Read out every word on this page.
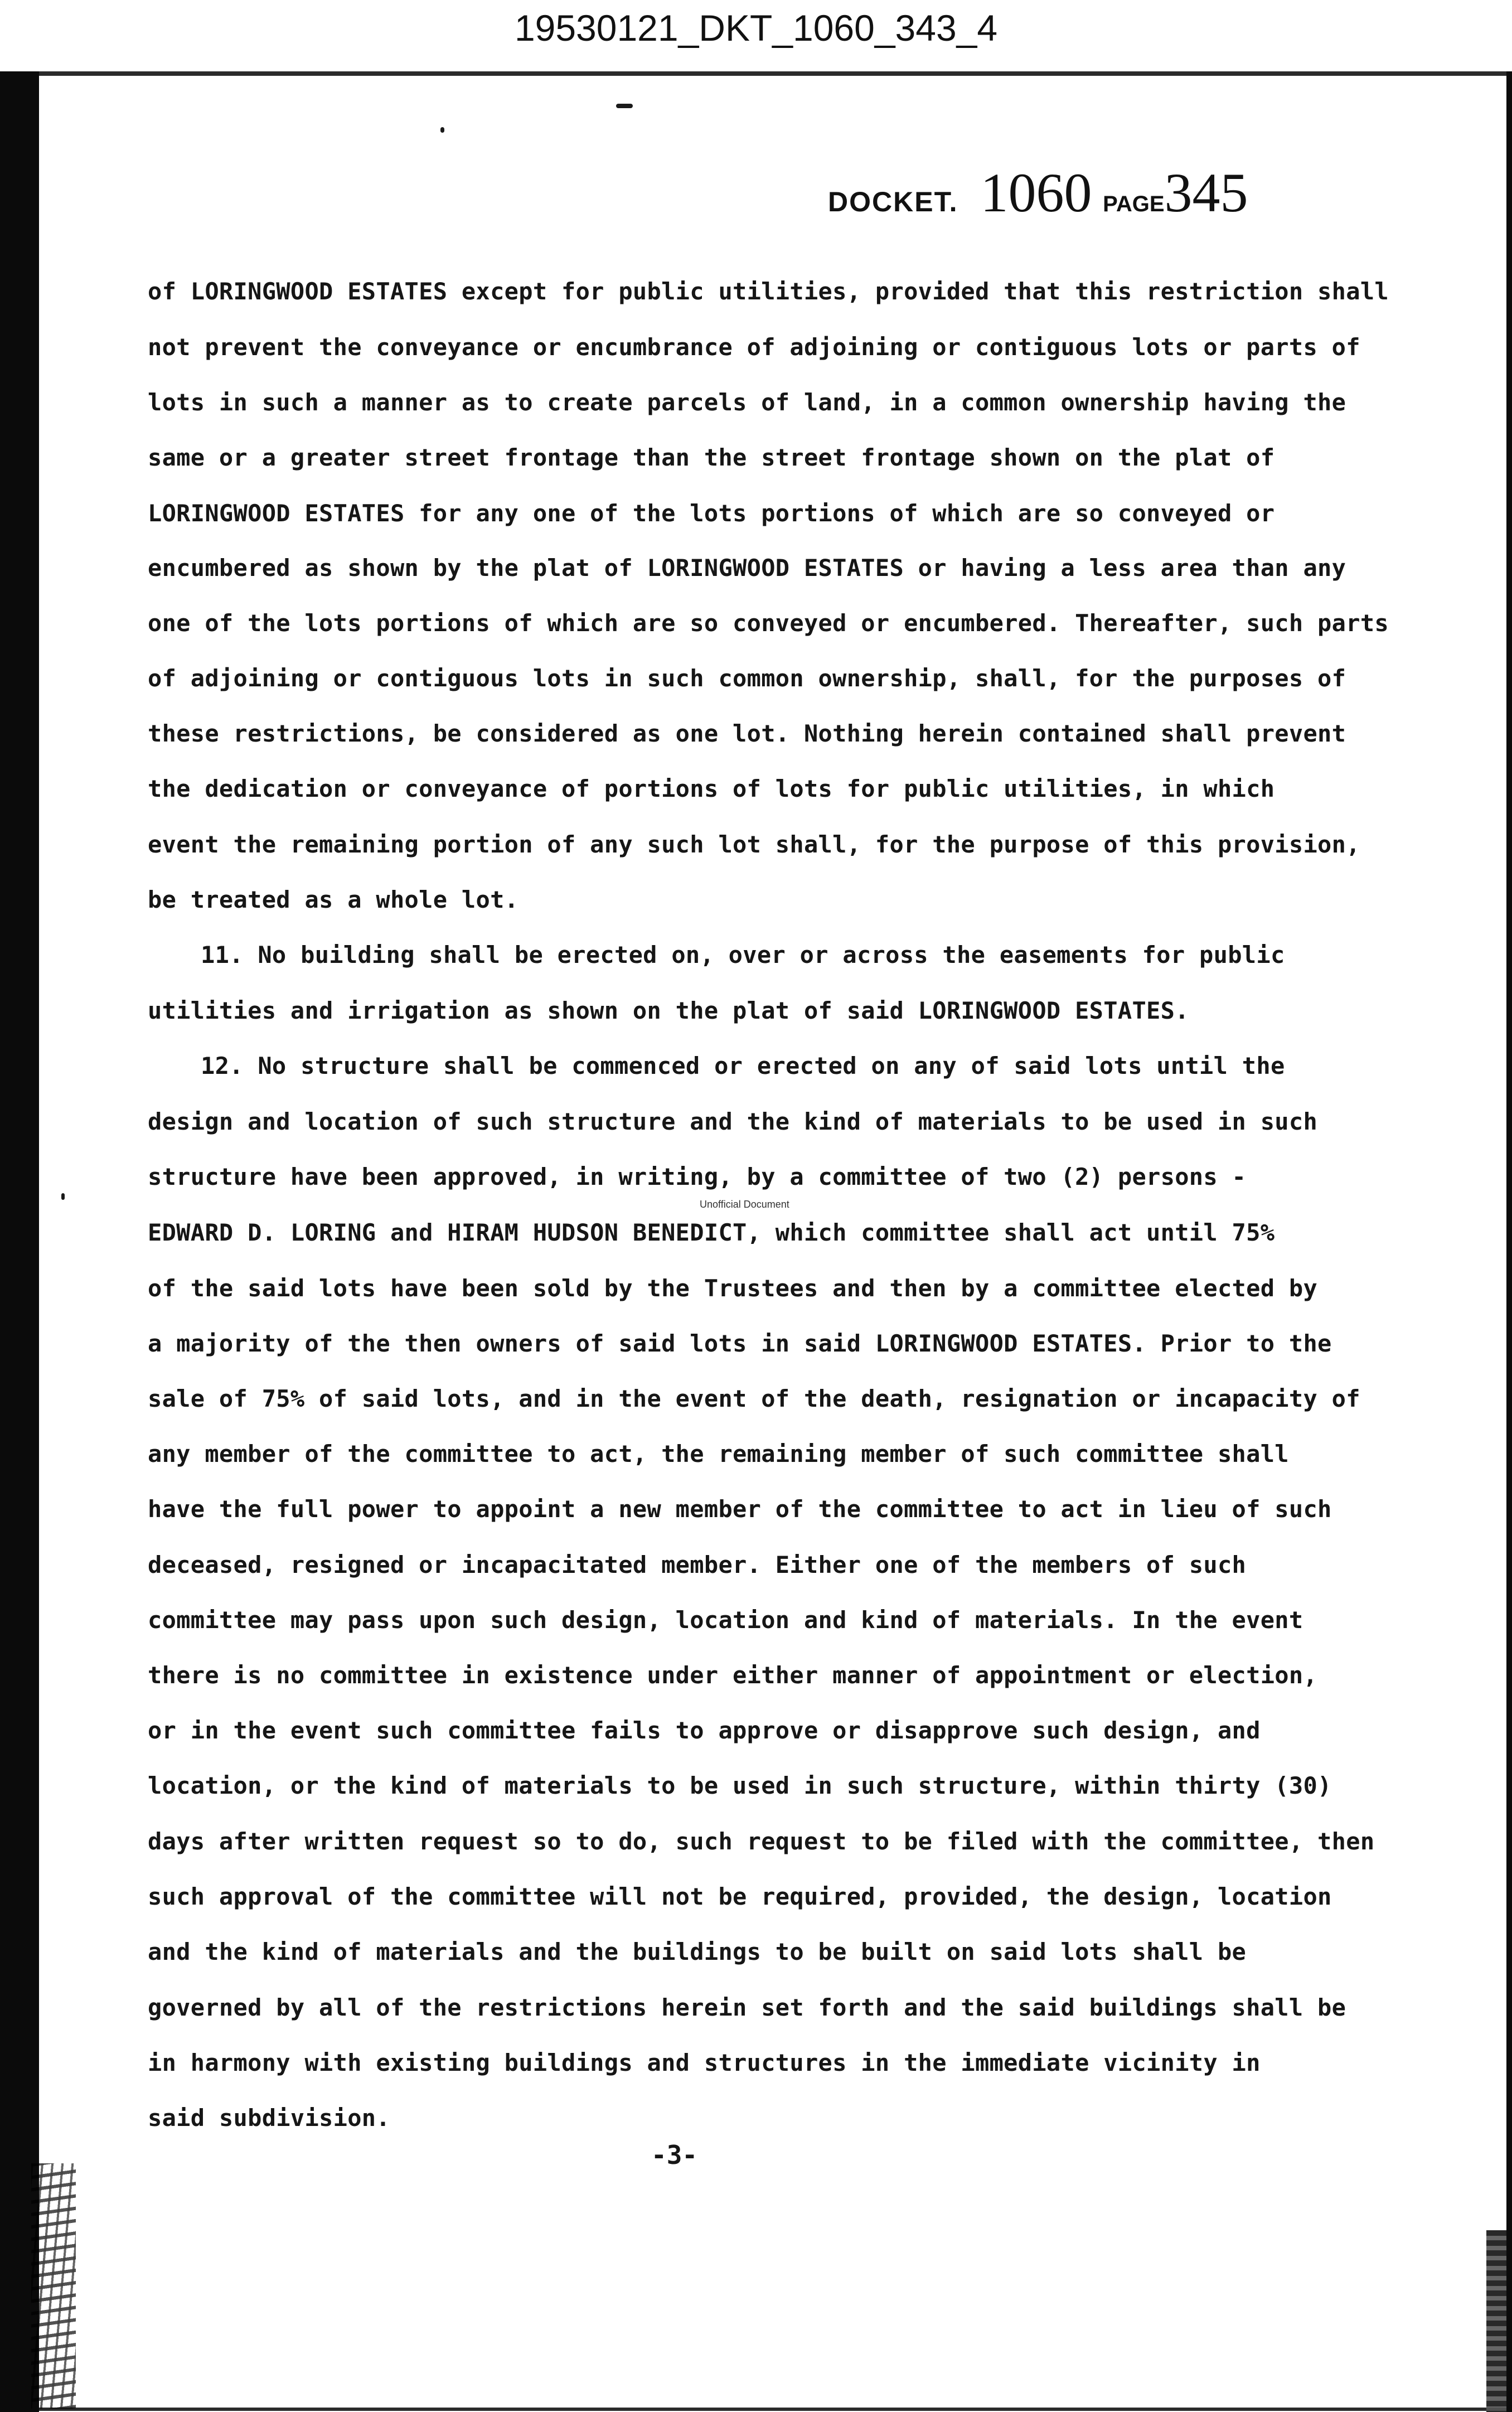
19530121_DKT_1060_343_4
DOCKET. 1060 PAGE345
of LORINGWOOD ESTATES except for public utilities, provided that this restriction shall
not prevent the conveyance or encumbrance of adjoining or contiguous lots or parts of
lots in such a manner as to create parcels of land, in a common ownership having the
same or a greater street frontage than the street frontage shown on the plat of
LORINGWOOD ESTATES for any one of the lots portions of which are so conveyed or
encumbered as shown by the plat of LORINGWOOD ESTATES or having a less area than any
one of the lots portions of which are so conveyed or encumbered. Thereafter, such parts
of adjoining or contiguous lots in such common ownership, shall, for the purposes of
these restrictions, be considered as one lot. Nothing herein contained shall prevent
the dedication or conveyance of portions of lots for public utilities, in which
event the remaining portion of any such lot shall, for the purpose of this provision,
be treated as a whole lot.
11. No building shall be erected on, over or across the easements for public
utilities and irrigation as shown on the plat of said LORINGWOOD ESTATES.
12. No structure shall be commenced or erected on any of said lots until the
design and location of such structure and the kind of materials to be used in such
structure have been approved, in writing, by a committee of two (2) persons -
Unofficial Document
EDWARD D. LORING and HIRAM HUDSON BENEDICT, which committee shall act until 75%
of the said lots have been sold by the Trustees and then by a committee elected by
a majority of the then owners of said lots in said LORINGWOOD ESTATES. Prior to the
sale of 75% of said lots, and in the event of the death, resignation or incapacity of
any member of the committee to act, the remaining member of such committee shall
have the full power to appoint a new member of the committee to act in lieu of such
deceased, resigned or incapacitated member. Either one of the members of such
committee may pass upon such design, location and kind of materials. In the event
there is no committee in existence under either manner of appointment or election,
or in the event such committee fails to approve or disapprove such design, and
location, or the kind of materials to be used in such structure, within thirty (30)
days after written request so to do, such request to be filed with the committee, then
such approval of the committee will not be required, provided, the design, location
and the kind of materials and the buildings to be built on said lots shall be
governed by all of the restrictions herein set forth and the said buildings shall be
in harmony with existing buildings and structures in the immediate vicinity in
said subdivision.
-3-
